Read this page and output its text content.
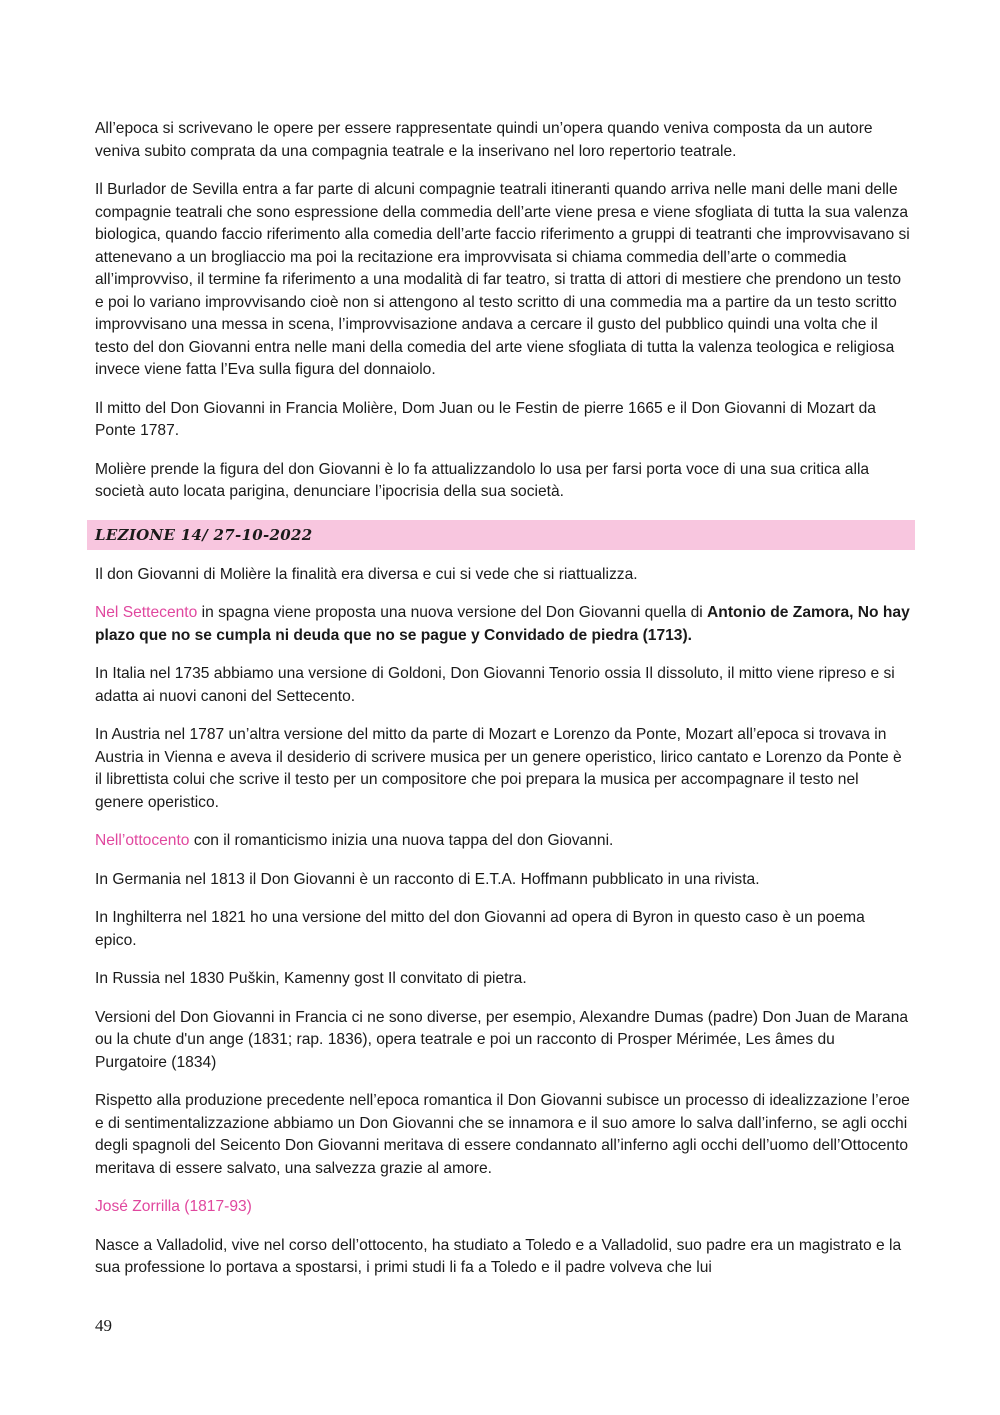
All’epoca si scrivevano le opere per essere rappresentate quindi un’opera quando veniva composta da un autore veniva subito comprata da una compagnia teatrale e la inserivano nel loro repertorio teatrale.

Il Burlador de Sevilla entra a far parte di alcuni compagnie teatrali itineranti quando arriva nelle mani delle mani delle compagnie teatrali che sono espressione della commedia dell’arte viene presa e viene sfogliata di tutta la sua valenza biologica, quando faccio riferimento alla comedia dell’arte faccio riferimento a gruppi di teatranti che improvvisavano si attenevano a un brogliaccio ma poi la recitazione era improvvisata si chiama commedia dell’arte o commedia all’improvviso, il termine fa riferimento a una modalità di far teatro, si tratta di attori di mestiere che prendono un testo e poi lo variano improvvisando cioè non si attengono al testo scritto di una commedia ma a partire da un testo scritto improvvisano una messa in scena, l’improvvisazione andava a cercare il gusto del pubblico quindi una volta che il testo del don Giovanni entra nelle mani della comedia del arte viene sfogliata di tutta la valenza teologica e religiosa invece viene fatta l’Eva sulla figura del donnaiolo.

Il mitto del Don Giovanni in Francia Molière, Dom Juan ou le Festin de pierre 1665 e il Don Giovanni di Mozart da Ponte 1787.

Molière prende la figura del don Giovanni è lo fa attualizzandolo lo usa per farsi porta voce di una sua critica alla società auto locata parigina, denunciare l’ipocrisia della sua società.

LEZIONE 14/ 27-10-2022

Il don Giovanni di Molière la finalità era diversa e cui si vede che si riattualizza.

Nel Settecento in spagna viene proposta una nuova versione del Don Giovanni quella di Antonio de Zamora, No hay plazo que no se cumpla ni deuda que no se pague y Convidado de piedra (1713).

In Italia nel 1735 abbiamo una versione di Goldoni, Don Giovanni Tenorio ossia Il dissoluto, il mitto viene ripreso e si adatta ai nuovi canoni del Settecento.

In Austria nel 1787 un’altra versione del mitto da parte di Mozart e Lorenzo da Ponte, Mozart all’epoca si trovava in Austria in Vienna e aveva il desiderio di scrivere musica per un genere operistico, lirico cantato e Lorenzo da Ponte è il librettista colui che scrive il testo per un compositore che poi prepara la musica per accompagnare il testo nel genere operistico.

Nell’ottocento con il romanticismo inizia una nuova tappa del don Giovanni.

In Germania nel 1813 il Don Giovanni è un racconto di E.T.A. Hoffmann pubblicato in una rivista.

In Inghilterra nel 1821 ho una versione del mitto del don Giovanni ad opera di Byron in questo caso è un poema epico.

In Russia nel 1830 Puškin, Kamenny gost Il convitato di pietra.

Versioni del Don Giovanni in Francia ci ne sono diverse, per esempio, Alexandre Dumas (padre) Don Juan de Marana ou la chute d'un ange (1831; rap. 1836), opera teatrale e poi un racconto di Prosper Mérimée, Les âmes du Purgatoire (1834)

Rispetto alla produzione precedente nell’epoca romantica il Don Giovanni subisce un processo di idealizzazione l’eroe e di sentimentalizzazione abbiamo un Don Giovanni che se innamora e il suo amore lo salva dall’inferno, se agli occhi degli spagnoli del Seicento Don Giovanni meritava di essere condannato all’inferno agli occhi dell’uomo dell’Ottocento meritava di essere salvato, una salvezza grazie al amore.

José Zorrilla (1817-93)

Nasce a Valladolid, vive nel corso dell’ottocento, ha studiato a Toledo e a Valladolid, suo padre era un magistrato e la sua professione lo portava a spostarsi, i primi studi li fa a Toledo e il padre volveva che lui

49
